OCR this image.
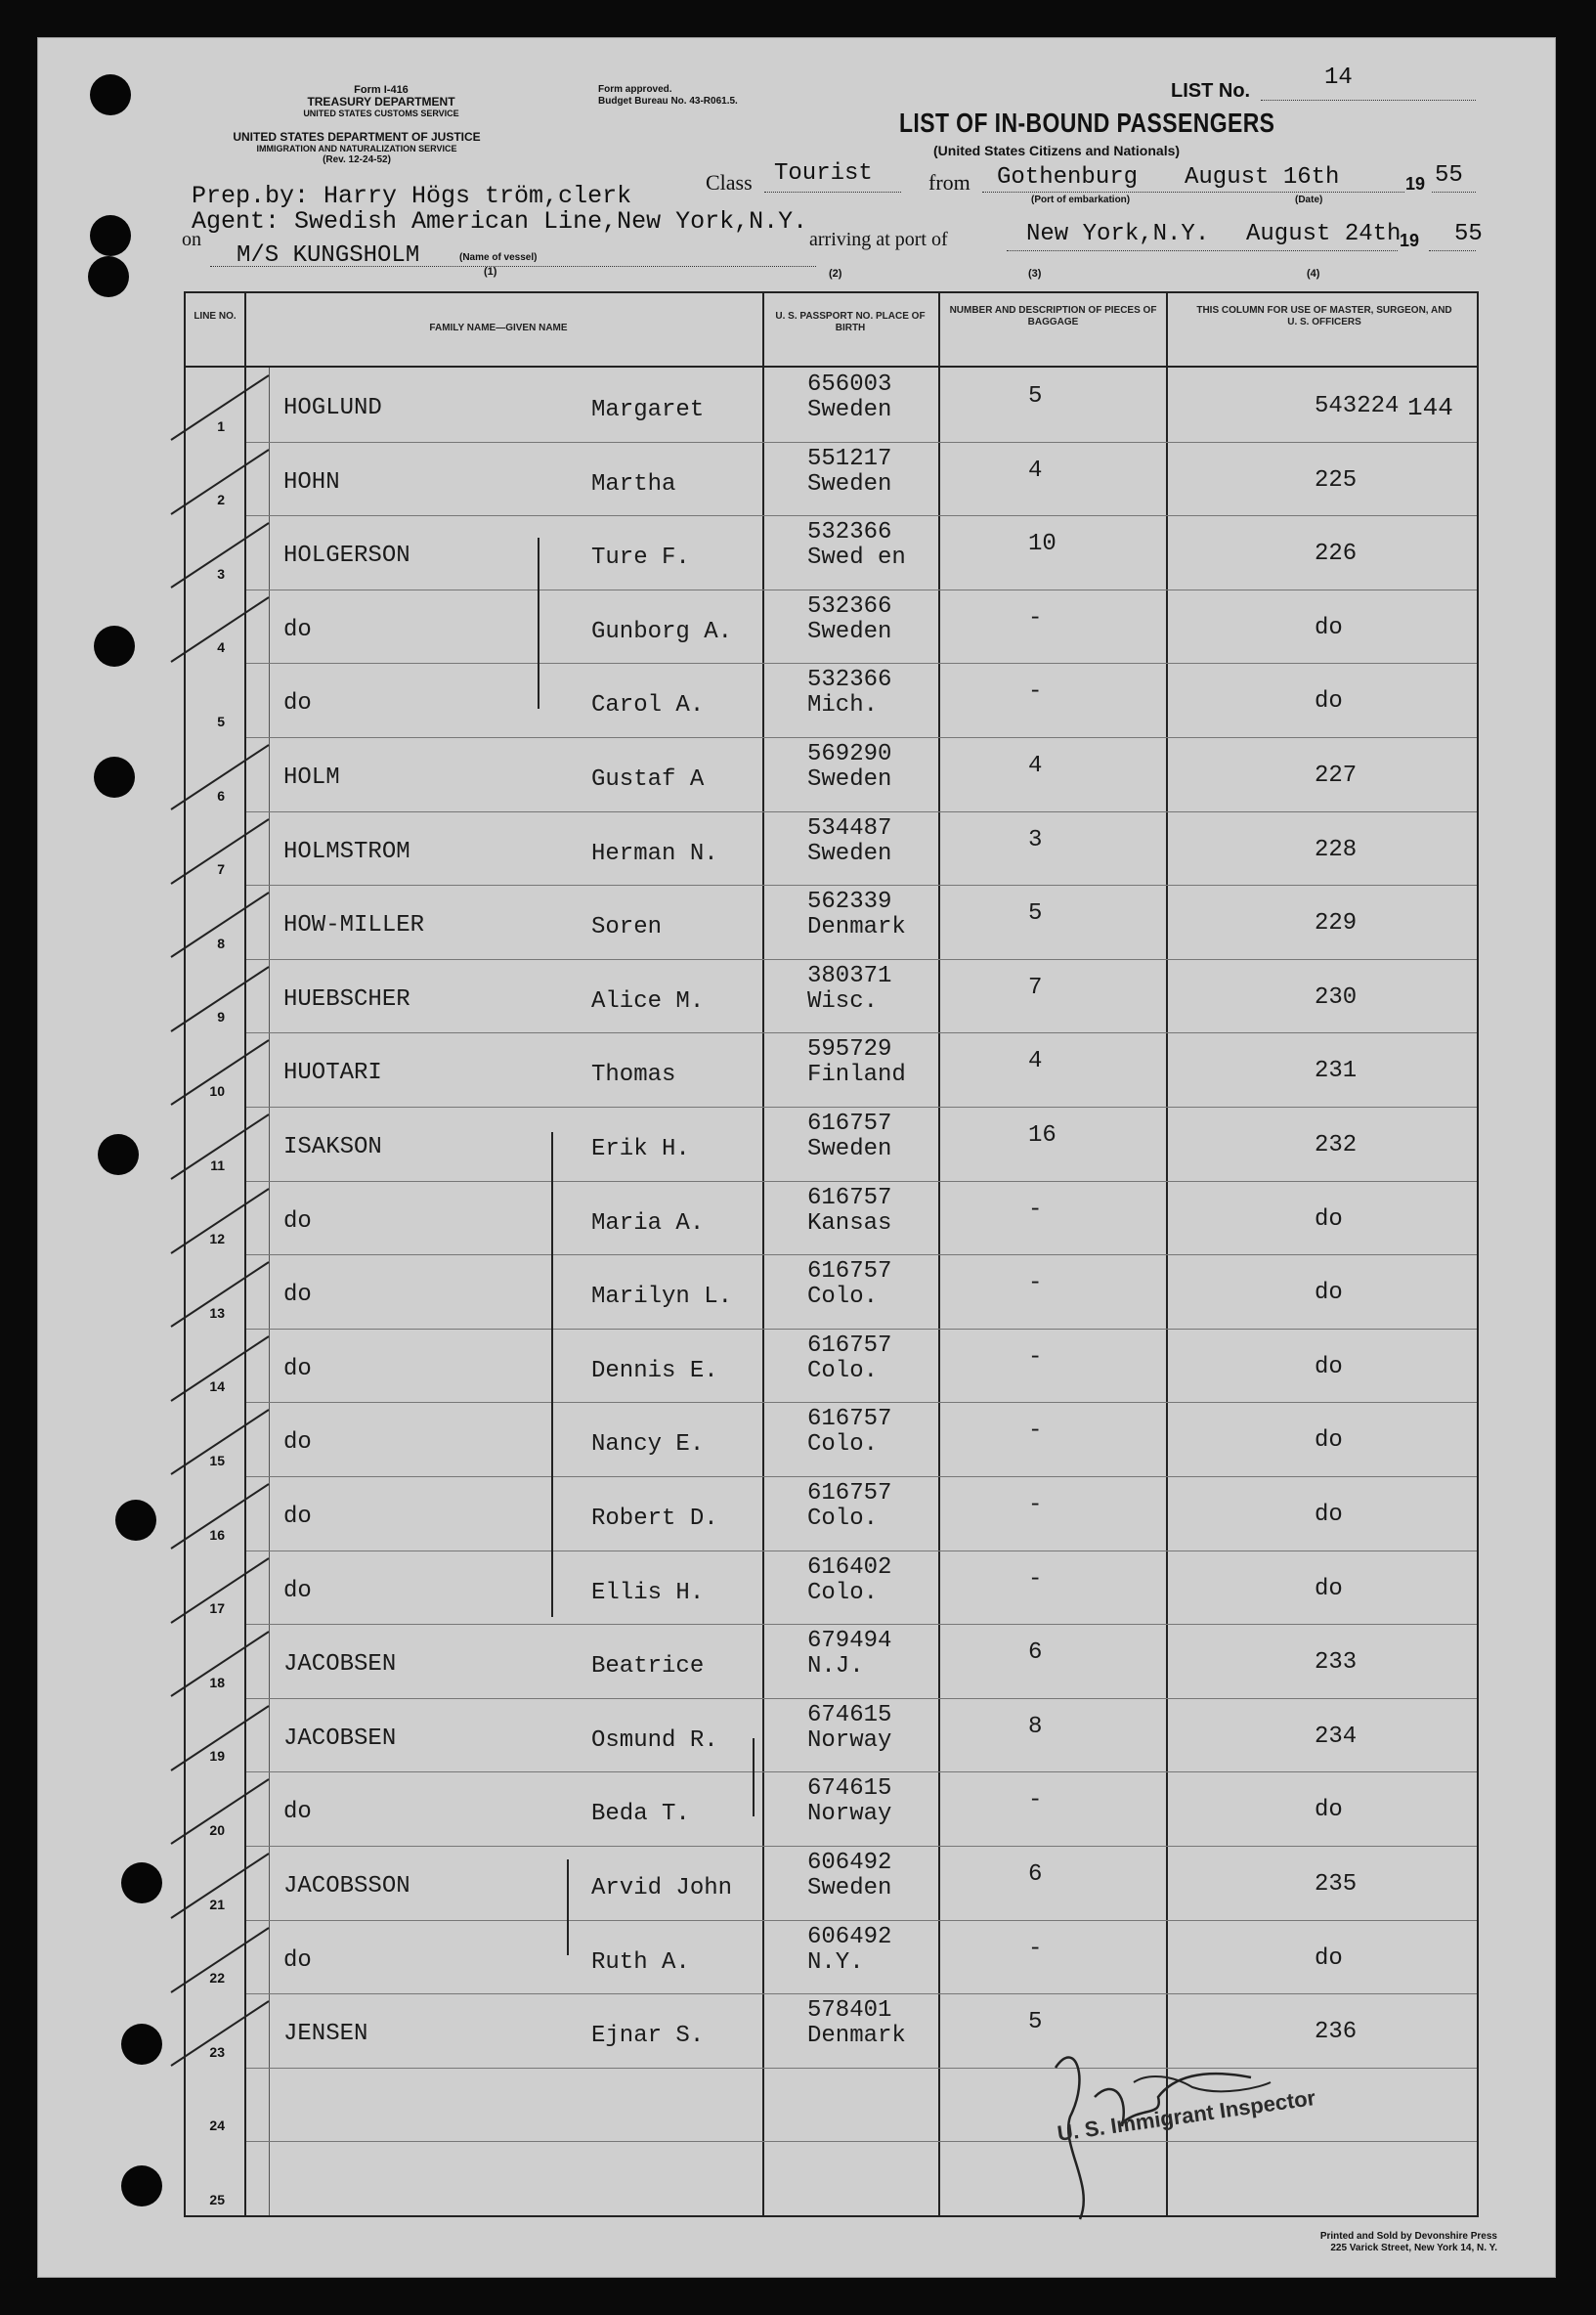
Form I-416
TREASURY DEPARTMENT
UNITED STATES CUSTOMS SERVICE
UNITED STATES DEPARTMENT OF JUSTICE
IMMIGRATION AND NATURALIZATION SERVICE
(Rev. 12-24-52)
Form approved.
Budget Bureau No. 43-R061.5.	LIST No.	14
LIST OF IN-BOUND PASSENGERS
(United States Citizens and Nationals)
Class Tourist	from Gothenburg August 16th	19 55
(Port of embarkation)	(Date)
Prep.by: Harry Högs tröm,clerk
Agent: Swedish American Line,New York,N.Y.
on	arriving at port of	New York,N.Y. August 24th
19 55
M/S KUNGSHOLM	(Name of vessel)
(1)	(2)	(3)	(4)
LINE NO.
FAMILY NAME—GIVEN NAME
U. S. PASSPORT NO. PLACE OF BIRTH
NUMBER AND DESCRIPTION OF PIECES OF BAGGAGE
THIS COLUMN FOR USE OF MASTER, SURGEON, AND U. S. OFFICERS
1
HOGLUND	Margaret
656003
Sweden
5	543224 144
2
HOHN	Martha
551217
Sweden
4	225
3
HOLGERSON	Ture F.
532366
Swed en
10	226
4
do	Gunborg A.
532366
Sweden
-	do
5
do	Carol A.
532366
Mich.
-	do
6
HOLM	Gustaf A
569290
Sweden
4	227
7
HOLMSTROM	Herman N.
534487
Sweden
3	228
8
HOW-MILLER	Soren
562339
Denmark
5	229
9
HUEBSCHER	Alice M.
380371
Wisc.
7	230
10
HUOTARI	Thomas
595729
Finland
4	231
11
ISAKSON	Erik H.
616757
Sweden
16	232
12
do	Maria A.
616757
Kansas
-	do
13
do	Marilyn L.
616757
Colo.
-	do
14
do	Dennis E.
616757
Colo.
-	do
15
do	Nancy E.
616757
Colo.
-	do
16
do	Robert D.
616757
Colo.
-	do
17
do	Ellis H.
616402
Colo.
-	do
18
JACOBSEN	Beatrice
679494
N.J.
6	233
19
JACOBSEN	Osmund R.
674615
Norway
8	234
20
do	Beda T.
674615
Norway
-	do
21
JACOBSSON	Arvid John
606492
Sweden
6	235
22
do	Ruth A.
606492
N.Y.
-	do
23
JENSEN	Ejnar S.
578401
Denmark
5	236
24
25
U. S. Immigrant Inspector
Printed and Sold by Devonshire Press
225 Varick Street, New York 14, N. Y.
